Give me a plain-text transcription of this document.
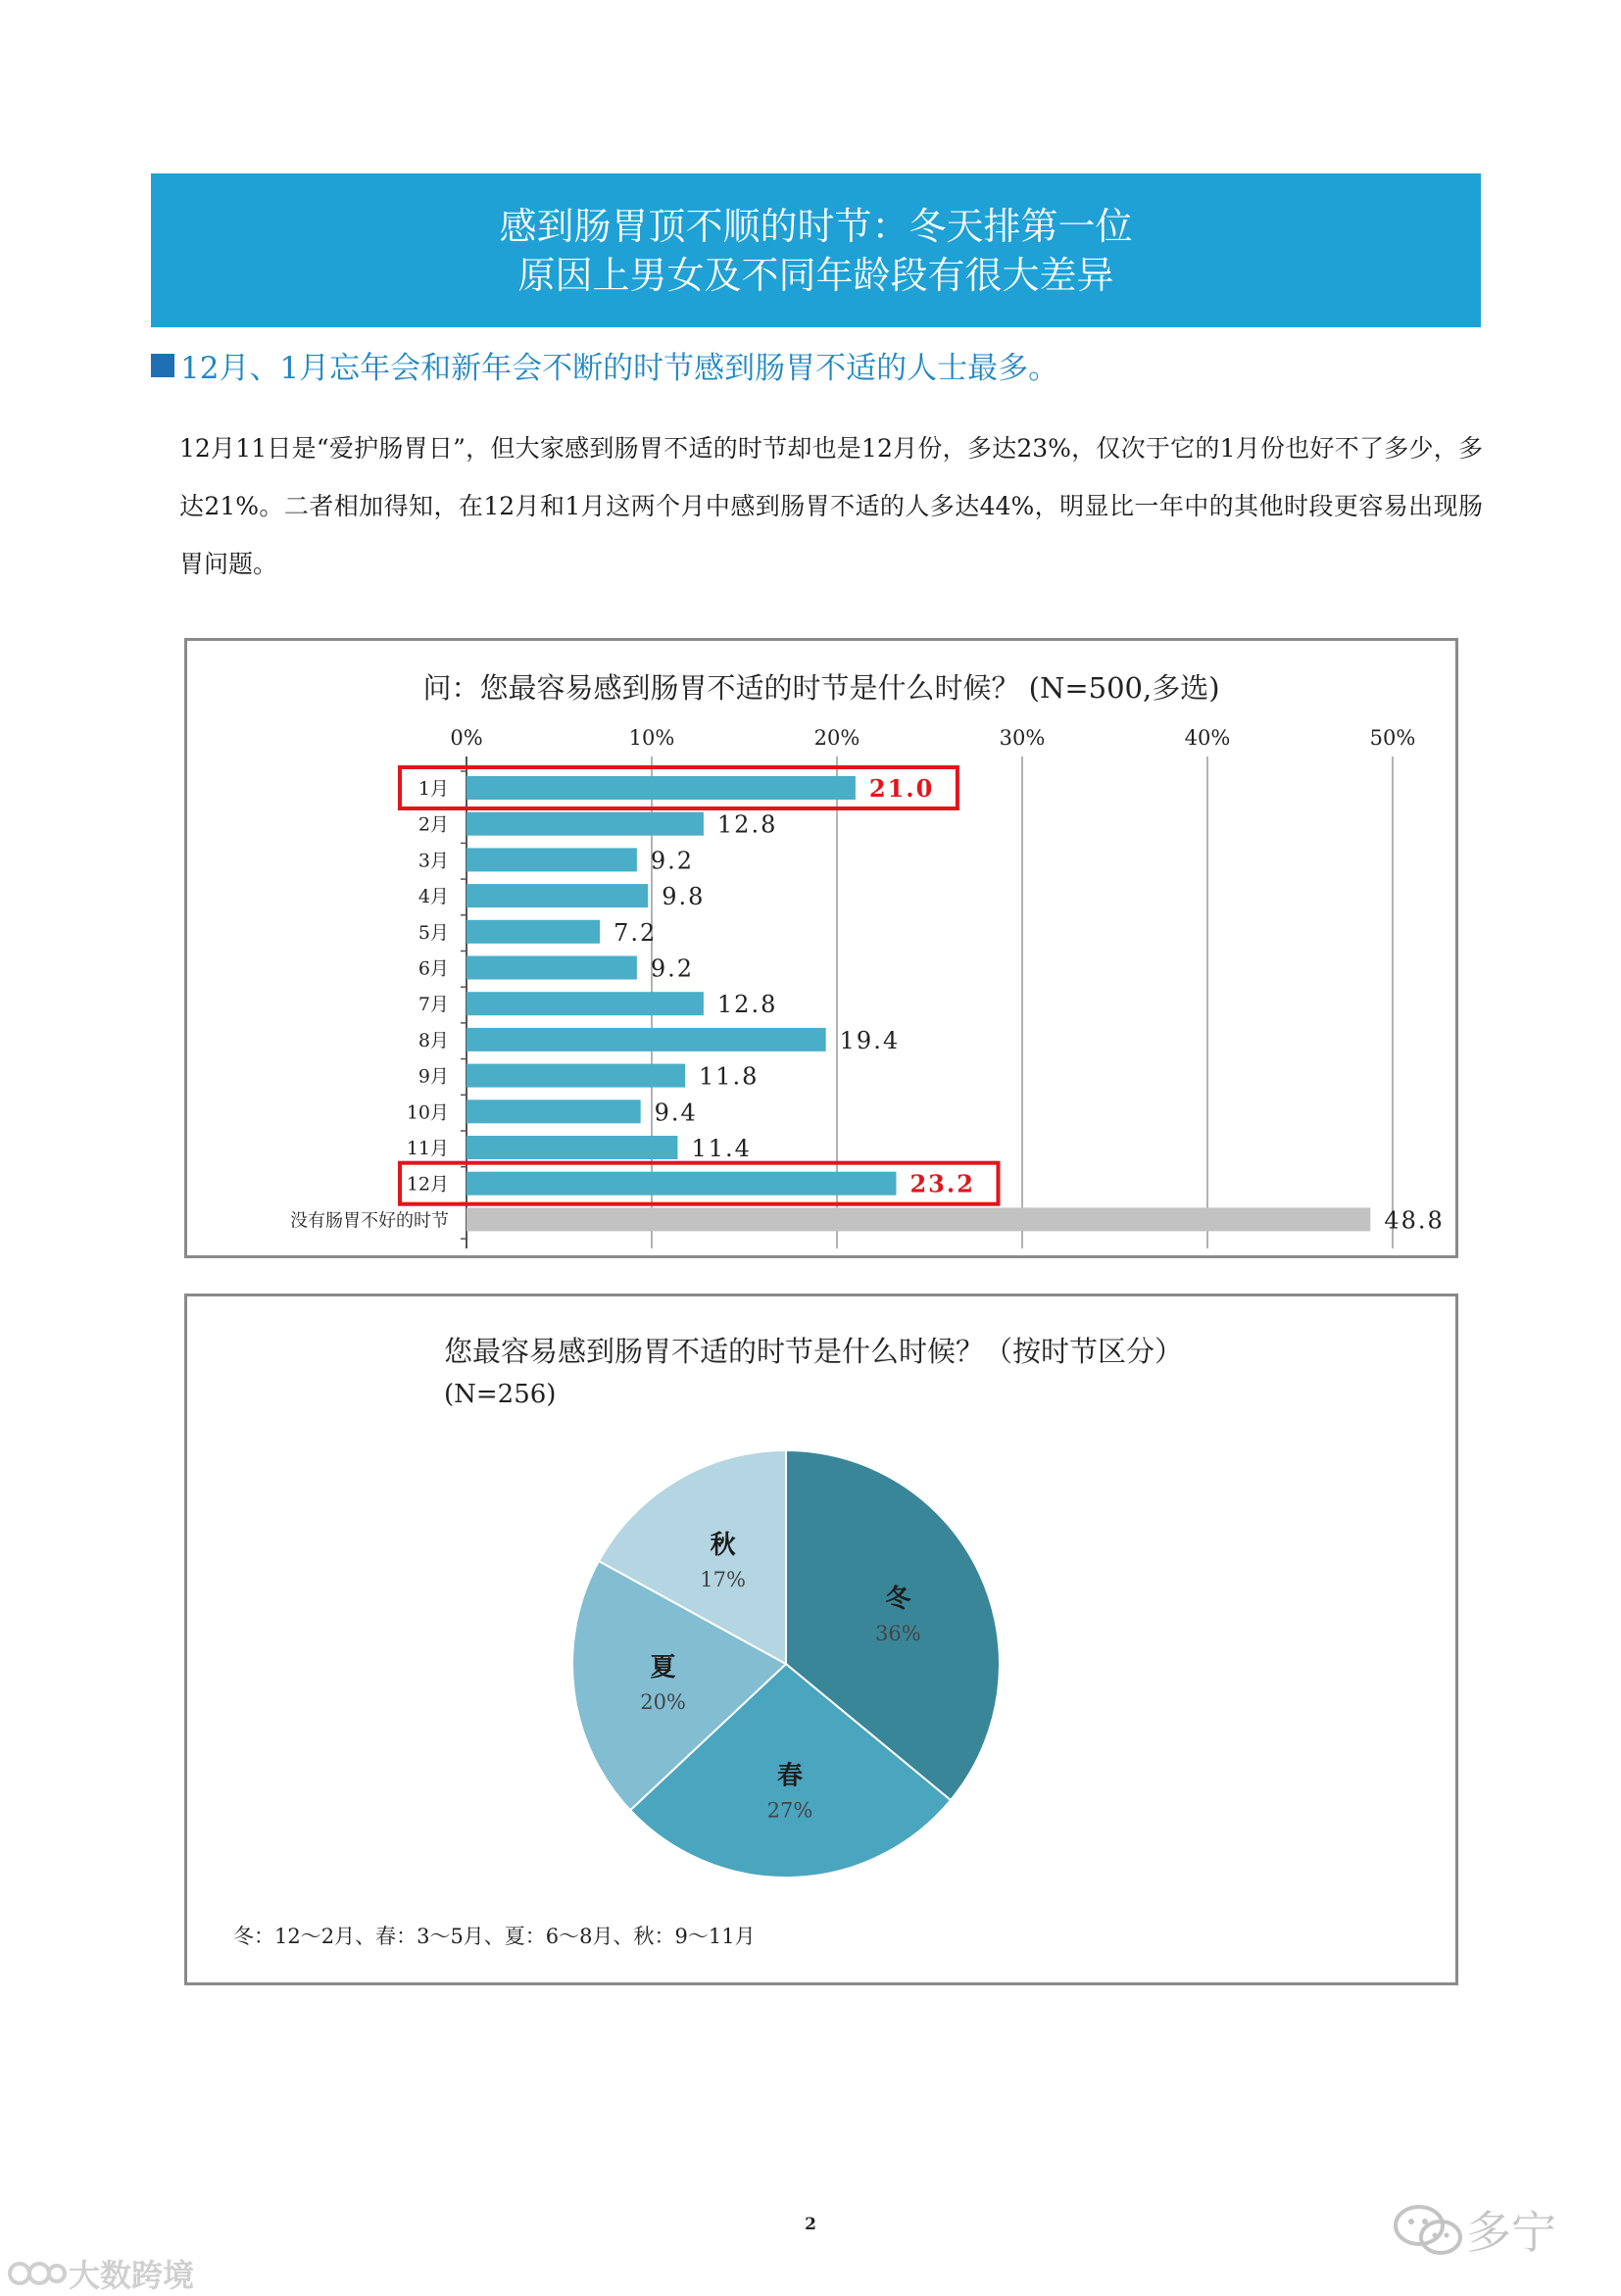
感到肠胃顶不顺的时节：冬天排第一位
原因上男女及不同年龄段有很大差异
12月、1月忘年会和新年会不断的时节感到肠胃不适的人士最多。
12月11日是“爱护肠胃日”，但大家感到肠胃不适的时节却也是12月份，多达23%，仅次于它的1月份也好不了多少，多达21%。二者相加得知，在12月和1月这两个月中感到肠胃不适的人多达44%，明显比一年中的其他时段更容易出现肠胃问题。
问：您最容易感到肠胃不适的时节是什么时候？ (N=500,多选)
0%	10%	20%	30%	40%	50%
1月	21.0
2月	12.8
3月	9.2
4月	9.8
5月	7.2
6月	9.2
7月	12.8
8月	19.4
9月	11.8
10月	9.4
11月	11.4
12月	23.2
没有肠胃不好的时节	48.8
您最容易感到肠胃不适的时节是什么时候？（按时节区分）
(N=256)
冬
36%
春
27%
夏
20%
秋
17%
冬：12～2月、春：3～5月、夏：6～8月、秋：9～11月
2	多宁
大数跨境
